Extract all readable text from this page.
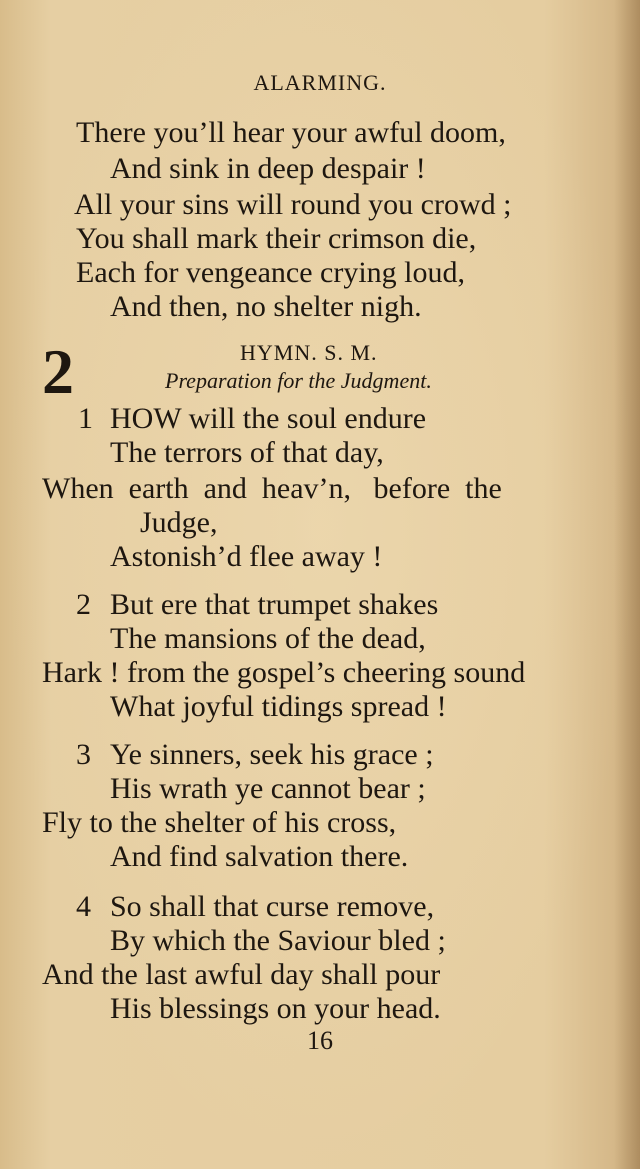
ALARMING.
There you’ll hear your awful doom,
And sink in deep despair !
All your sins will round you crowd ;
You shall mark their crimson die,
Each for vengeance crying loud,
And then, no shelter nigh.
2	HYMN. S. M.
Preparation for the Judgment.
1 HOW will the soul endure
The terrors of that day,
When  earth  and  heav’n,   before  the
Judge,
Astonish’d flee away !
2 But ere that trumpet shakes
The mansions of the dead,
Hark ! from the gospel’s cheering sound
What joyful tidings spread !
3 Ye sinners, seek his grace ;
His wrath ye cannot bear ;
Fly to the shelter of his cross,
And find salvation there.
4 So shall that curse remove,
By which the Saviour bled ;
And the last awful day shall pour
His blessings on your head.
16
